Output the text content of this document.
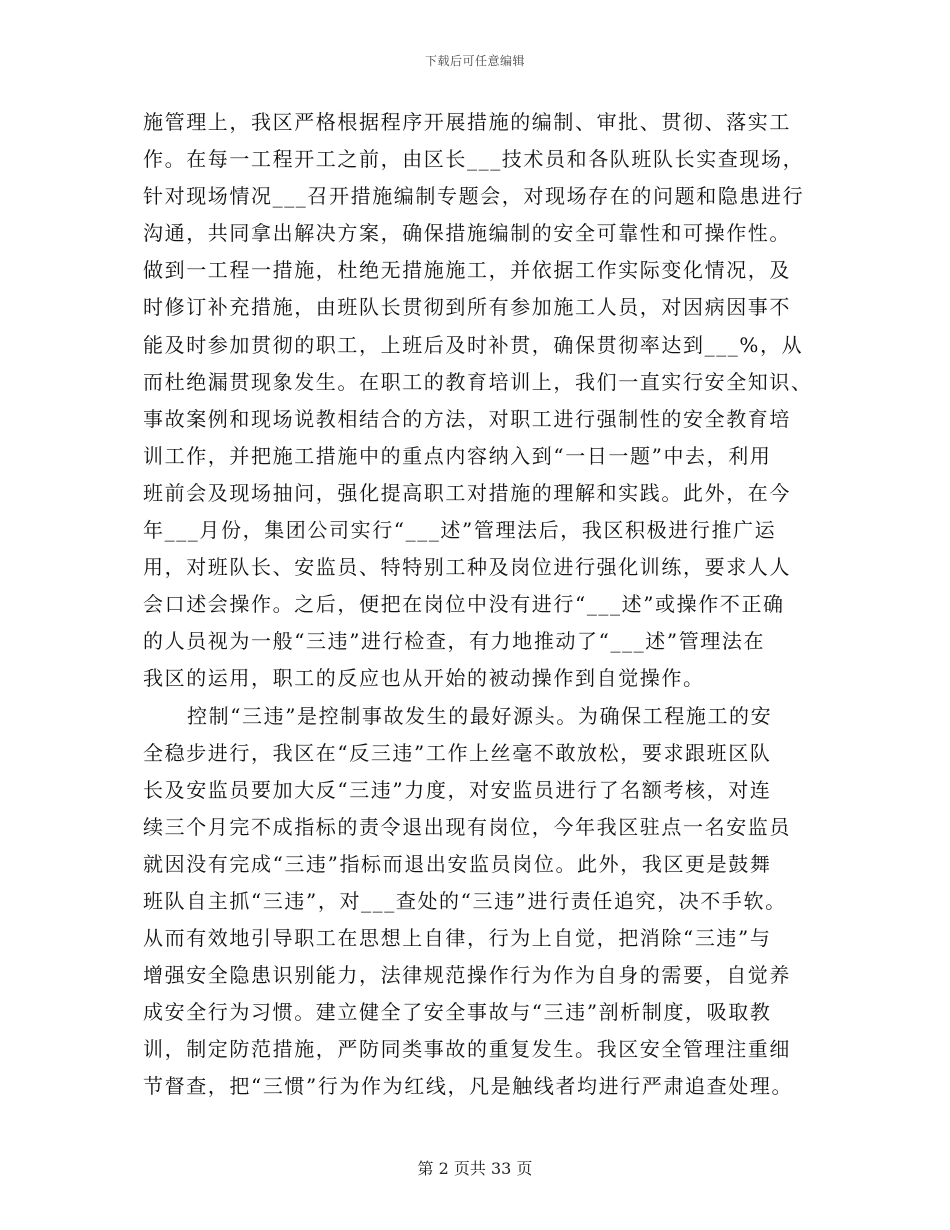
下载后可任意编辑
施管理上，我区严格根据程序开展措施的编制、审批、贯彻、落实工
作。在每一工程开工之前，由区长___技术员和各队班队长实查现场，
针对现场情况___召开措施编制专题会，对现场存在的问题和隐患进行
沟通，共同拿出解决方案，确保措施编制的安全可靠性和可操作性。
做到一工程一措施，杜绝无措施施工，并依据工作实际变化情况，及
时修订补充措施，由班队长贯彻到所有参加施工人员，对因病因事不
能及时参加贯彻的职工，上班后及时补贯，确保贯彻率达到___%，从
而杜绝漏贯现象发生。在职工的教育培训上，我们一直实行安全知识、
事故案例和现场说教相结合的方法，对职工进行强制性的安全教育培
训工作，并把施工措施中的重点内容纳入到“一日一题”中去，利用
班前会及现场抽问，强化提高职工对措施的理解和实践。此外，在今
年___月份，集团公司实行“___述”管理法后，我区积极进行推广运
用，对班队长、安监员、特特别工种及岗位进行强化训练，要求人人
会口述会操作。之后，便把在岗位中没有进行“___述”或操作不正确
的人员视为一般“三违”进行检查，有力地推动了“___述”管理法在
我区的运用，职工的反应也从开始的被动操作到自觉操作。
控制“三违”是控制事故发生的最好源头。为确保工程施工的安
全稳步进行，我区在“反三违”工作上丝毫不敢放松，要求跟班区队
长及安监员要加大反“三违”力度，对安监员进行了名额考核，对连
续三个月完不成指标的责令退出现有岗位，今年我区驻点一名安监员
就因没有完成“三违”指标而退出安监员岗位。此外，我区更是鼓舞
班队自主抓“三违”，对___查处的“三违”进行责任追究，决不手软。
从而有效地引导职工在思想上自律，行为上自觉，把消除“三违”与
增强安全隐患识别能力，法律规范操作行为作为自身的需要，自觉养
成安全行为习惯。建立健全了安全事故与“三违”剖析制度，吸取教
训，制定防范措施，严防同类事故的重复发生。我区安全管理注重细
节督查，把“三惯”行为作为红线，凡是触线者均进行严肃追查处理。
第 2 页共 33 页
